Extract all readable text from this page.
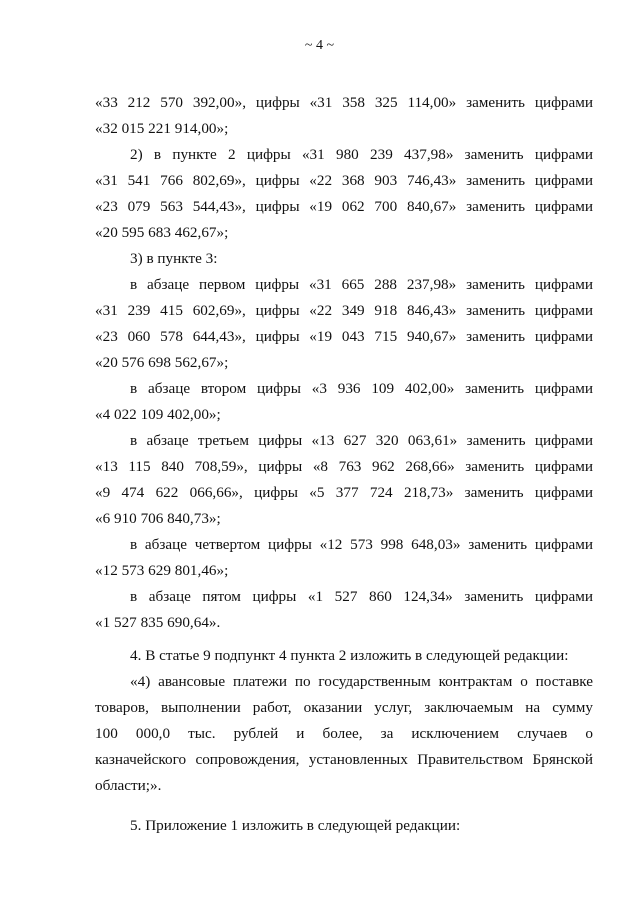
~ 4 ~
«33 212 570 392,00», цифры «31 358 325 114,00» заменить цифрами
«32 015 221 914,00»;
2) в пункте 2 цифры «31 980 239 437,98» заменить цифрами
«31 541 766 802,69», цифры «22 368 903 746,43» заменить цифрами
«23 079 563 544,43», цифры «19 062 700 840,67» заменить цифрами
«20 595 683 462,67»;
3) в пункте 3:
в абзаце первом цифры «31 665 288 237,98» заменить цифрами
«31 239 415 602,69», цифры «22 349 918 846,43» заменить цифрами
«23 060 578 644,43», цифры «19 043 715 940,67» заменить цифрами
«20 576 698 562,67»;
в абзаце втором цифры «3 936 109 402,00» заменить цифрами
«4 022 109 402,00»;
в абзаце третьем цифры «13 627 320 063,61» заменить цифрами
«13 115 840 708,59», цифры «8 763 962 268,66» заменить цифрами
«9 474 622 066,66», цифры «5 377 724 218,73» заменить цифрами
«6 910 706 840,73»;
в абзаце четвертом цифры «12 573 998 648,03» заменить цифрами
«12 573 629 801,46»;
в абзаце пятом цифры «1 527 860 124,34» заменить цифрами
«1 527 835 690,64».
4. В статье 9 подпункт 4 пункта 2 изложить в следующей редакции:
«4) авансовые платежи по государственным контрактам о поставке
товаров, выполнении работ, оказании услуг, заключаемым на сумму
100 000,0 тыс. рублей и более, за исключением случаев о
казначейского сопровождения, установленных Правительством Брянской
области;».
5. Приложение 1 изложить в следующей редакции:
